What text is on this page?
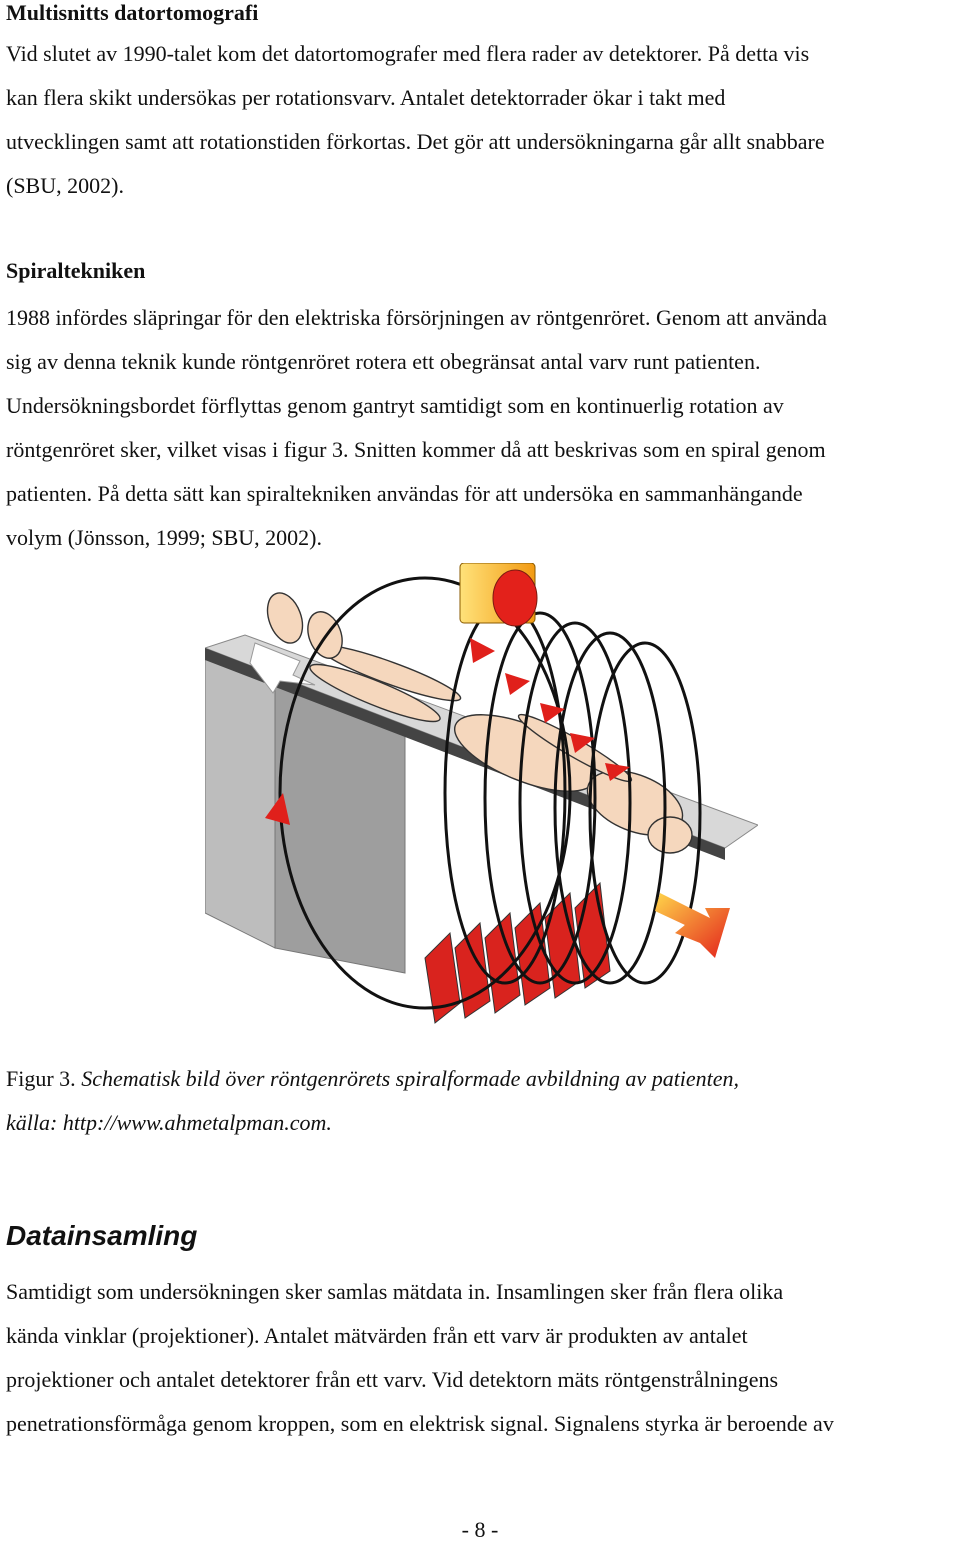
Multisnitts datortomografi
Vid slutet av 1990-talet kom det datortomografer med flera rader av detektorer. På detta vis
kan flera skikt undersökas per rotationsvarv. Antalet detektorrader ökar i takt med
utvecklingen samt att rotationstiden förkortas. Det gör att undersökningarna går allt snabbare
(SBU, 2002).
Spiraltekniken
1988 infördes släpringar för den elektriska försörjningen av röntgenröret. Genom att använda
sig av denna teknik kunde röntgenröret rotera ett obegränsat antal varv runt patienten.
Undersökningsbordet förflyttas genom gantryt samtidigt som en kontinuerlig rotation av
röntgenröret sker, vilket visas i figur 3. Snitten kommer då att beskrivas som en spiral genom
patienten. På detta sätt kan spiraltekniken användas för att undersöka en sammanhängande
volym (Jönsson, 1999; SBU, 2002).
Figur 3. Schematisk bild över röntgenrörets spiralformade avbildning av patienten,
källa: http://www.ahmetalpman.com.
Datainsamling
Samtidigt som undersökningen sker samlas mätdata in. Insamlingen sker från flera olika
kända vinklar (projektioner). Antalet mätvärden från ett varv är produkten av antalet
projektioner och antalet detektorer från ett varv. Vid detektorn mäts röntgenstrålningens
penetrationsförmåga genom kroppen, som en elektrisk signal. Signalens styrka är beroende av

- 8 -
